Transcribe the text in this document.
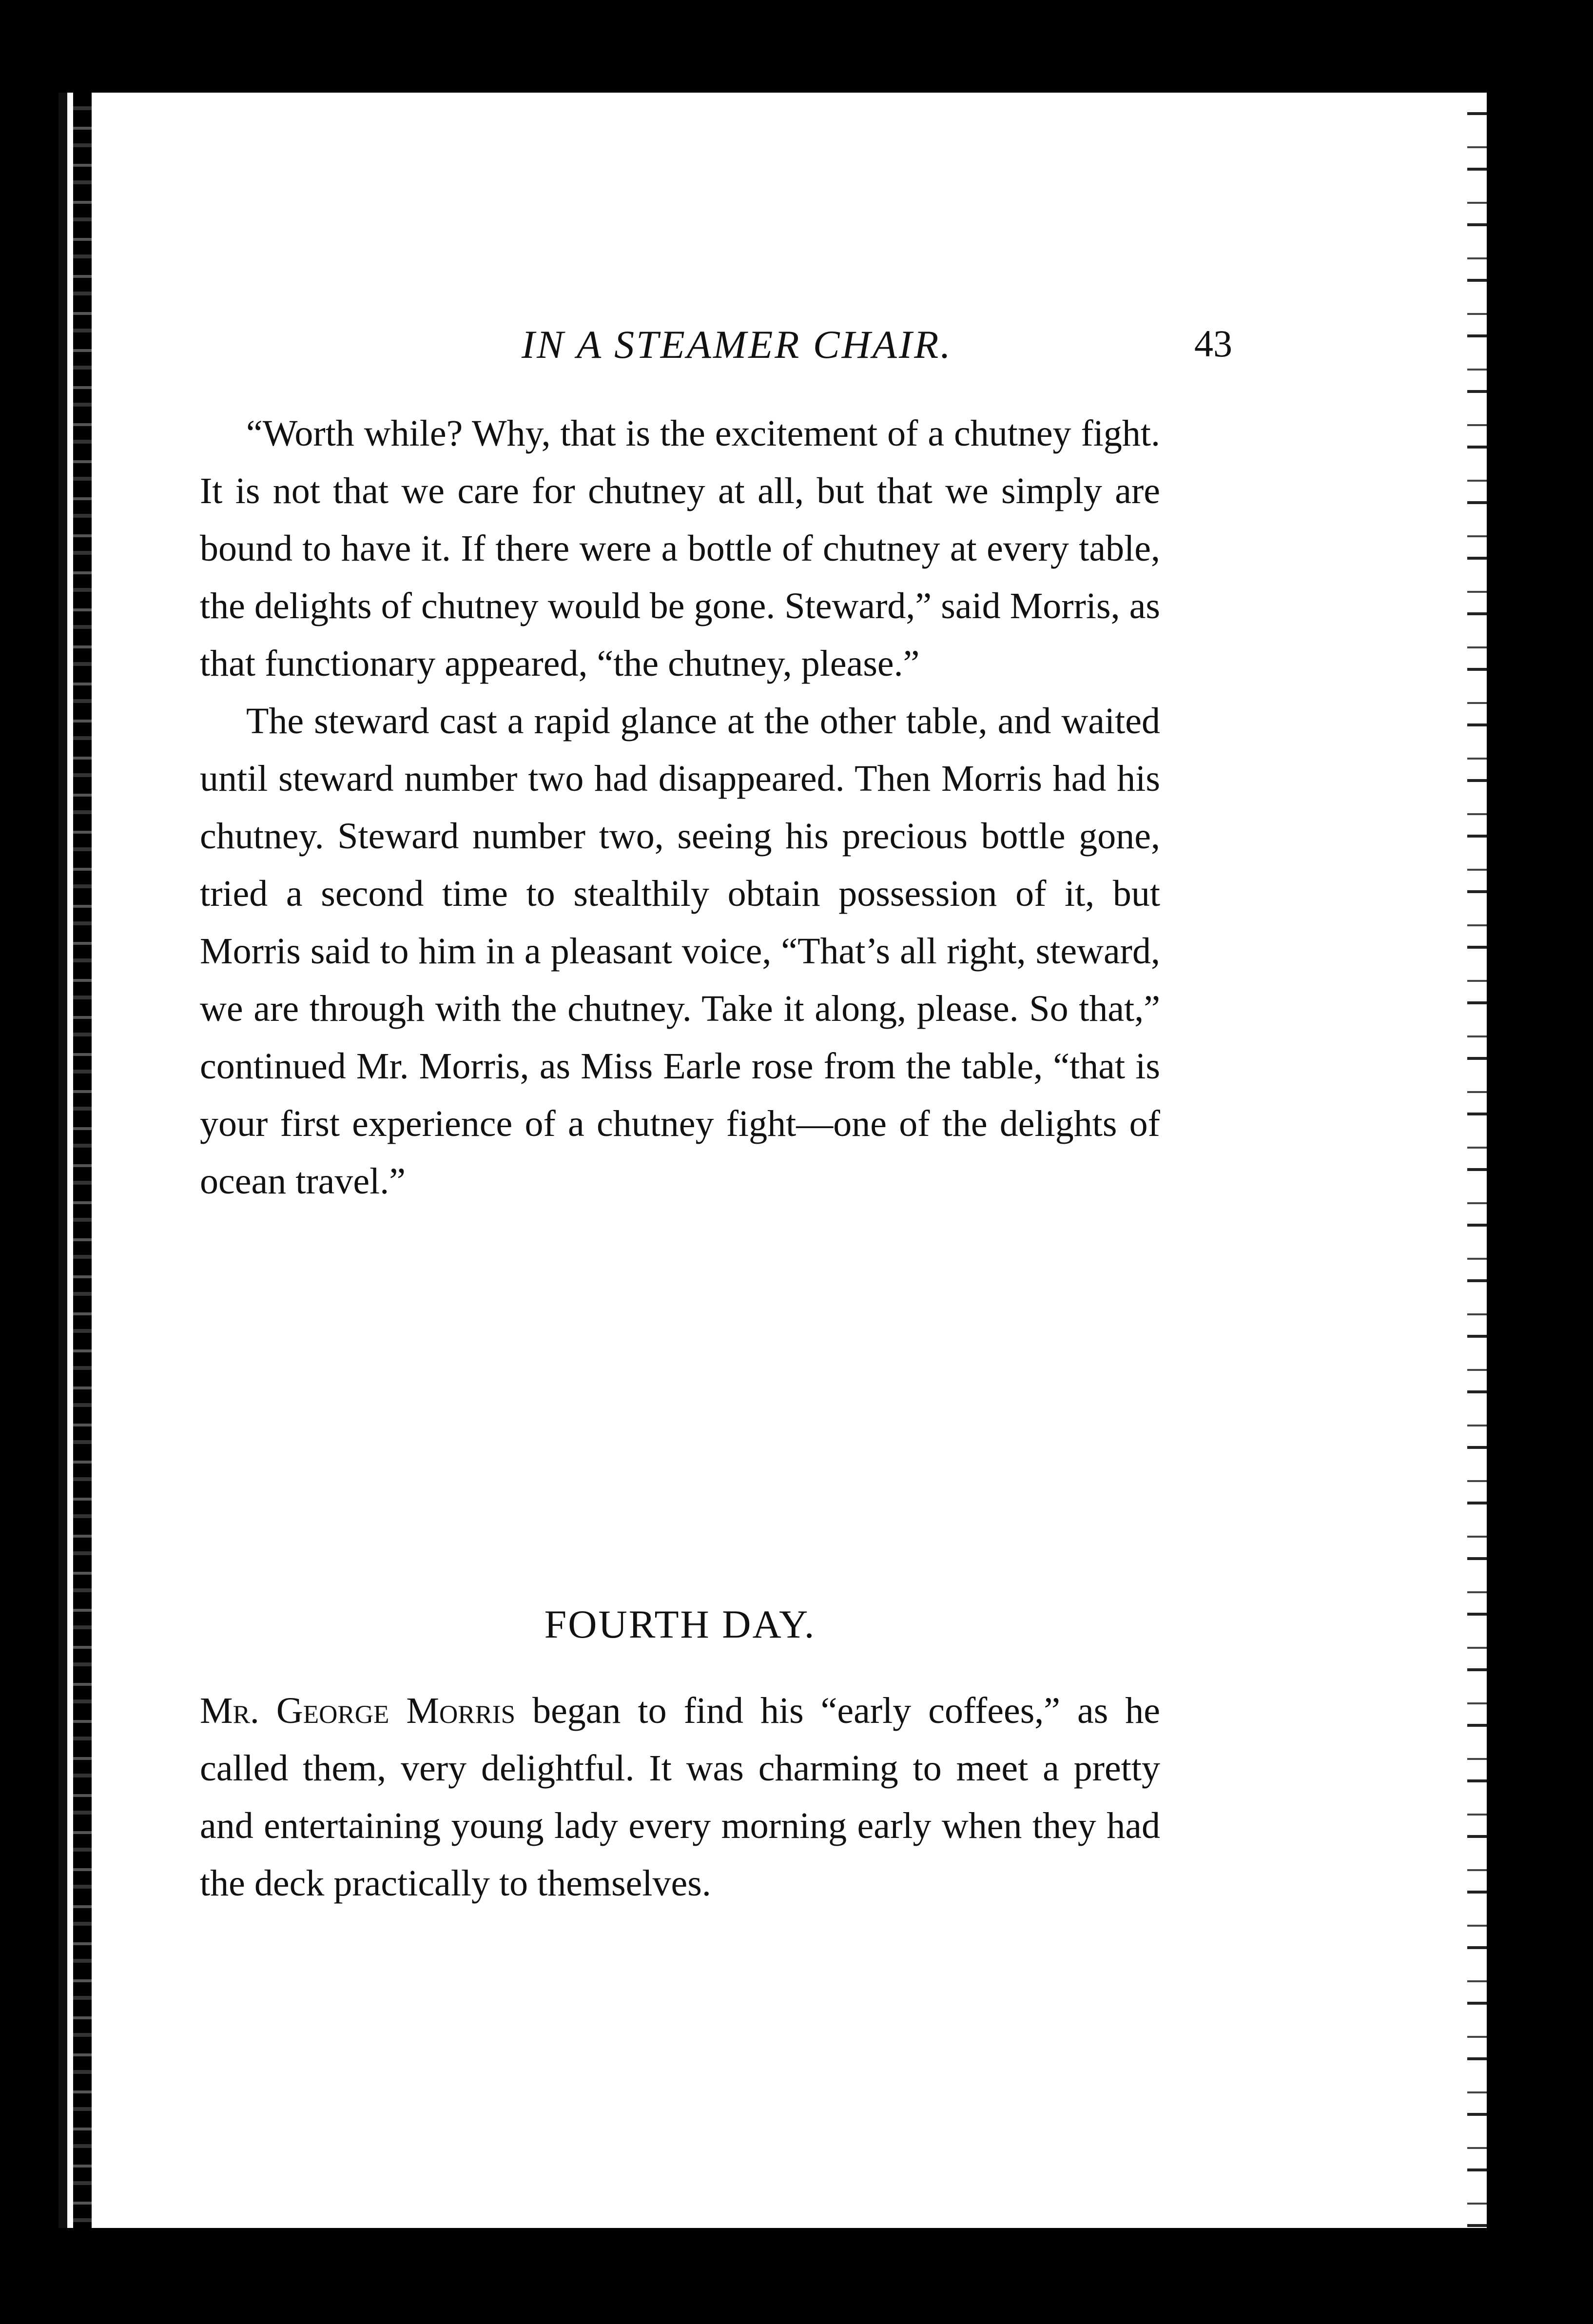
IN A STEAMER CHAIR.	43

“Worth while? Why, that is the excitement of a chutney fight. It is not that we care for chutney at all, but that we simply are bound to have it. If there were a bottle of chutney at every table, the delights of chutney would be gone. Steward,” said Morris, as that functionary appeared, “the chutney, please.”

The steward cast a rapid glance at the other table, and waited until steward number two had disappeared. Then Morris had his chutney. Steward number two, seeing his precious bottle gone, tried a second time to stealthily obtain possession of it, but Morris said to him in a pleasant voice, “That’s all right, steward, we are through with the chutney. Take it along, please. So that,” continued Mr. Morris, as Miss Earle rose from the table, “that is your first experience of a chutney fight—one of the delights of ocean travel.”

FOURTH DAY.

Mr. George Morris began to find his “early coffees,” as he called them, very delightful. It was charming to meet a pretty and entertaining young lady every morning early when they had the deck practically to themselves.
